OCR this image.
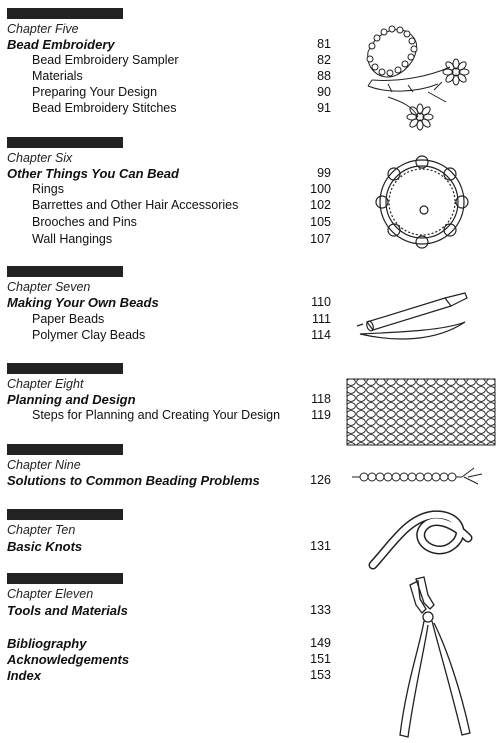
Chapter Five
Bead Embroidery	81
Bead Embroidery Sampler	82
Materials	88
Preparing Your Design	90
Bead Embroidery Stitches	91
Chapter Six
Other Things You Can Bead	99
Rings	100
Barrettes and Other Hair Accessories	102
Brooches and Pins	105
Wall Hangings	107
Chapter Seven
Making Your Own Beads	110
Paper Beads	111
Polymer Clay Beads	114
Chapter Eight
Planning and Design	118
Steps for Planning and Creating Your Design	119
Chapter Nine
Solutions to Common Beading Problems	126
Chapter Ten
Basic Knots	131
Chapter Eleven
Tools and Materials	133
Bibliography	149
Acknowledgements	151
Index	153
